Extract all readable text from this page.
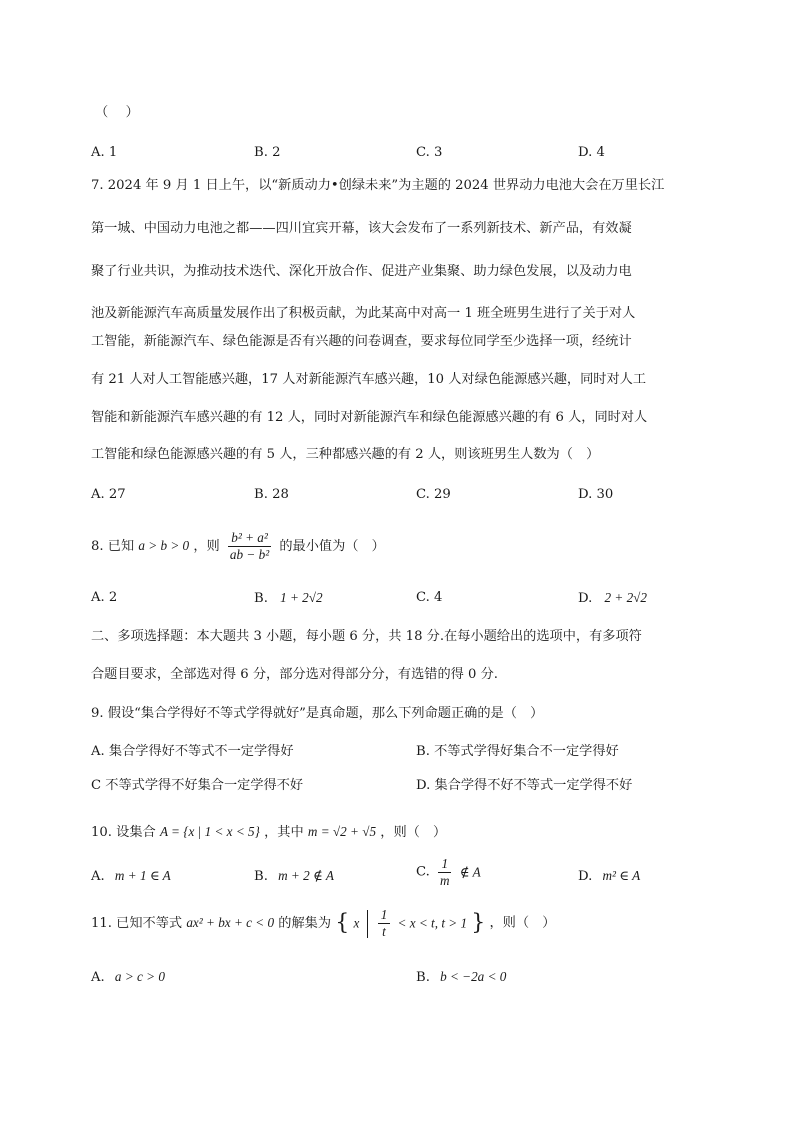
（　 ）
A. 1	B. 2	C. 3	D. 4
7. 2024 年 9 月 1 日上午，以“新质动力•创绿未来”为主题的 2024 世界动力电池大会在万里长江
第一城、中国动力电池之都——四川宜宾开幕，该大会发布了一系列新技术、新产品，有效凝
聚了行业共识，为推动技术迭代、深化开放合作、促进产业集聚、助力绿色发展，以及动力电
池及新能源汽车高质量发展作出了积极贡献，为此某高中对高一 1 班全班男生进行了关于对人
工智能，新能源汽车、绿色能源是否有兴趣的问卷调查，要求每位同学至少选择一项，经统计
有 21 人对人工智能感兴趣，17 人对新能源汽车感兴趣，10 人对绿色能源感兴趣，同时对人工
智能和新能源汽车感兴趣的有 12 人，同时对新能源汽车和绿色能源感兴趣的有 6 人，同时对人
工智能和绿色能源感兴趣的有 5 人，三种都感兴趣的有 2 人，则该班男生人数为（　）
A. 27	B. 28	C. 29	D. 30
8. 已知 a > b > 0 ，则 $\frac{\text{b² + a²}}{\text{ab − b²}}$ 的最小值为（　）
A. 2	B. 1 + 2√2	C. 4	D. 2 + 2√2
二、多项选择题：本大题共 3 小题，每小题 6 分，共 18 分.在每小题给出的选项中，有多项符
合题目要求，全部选对得 6 分，部分选对得部分分，有选错的得 0 分.
9. 假设“集合学得好不等式学得就好”是真命题，那么下列命题正确的是（　）
A. 集合学得好不等式不一定学得好	B. 不等式学得好集合不一定学得好
C 不等式学得不好集合一定学得不好	D. 集合学得不好不等式一定学得不好
10. 设集合 A = {x | 1 < x < 5} ，其中 m = √2 + √5 ，则（　）
A. m + 1 ∈ A	B. m + 2 ∉ A	C. $\frac{1}{m}$ ∉ A	D. m² ∈ A
11. 已知不等式 ax² + bx + c < 0 的解集为 { x $\frac{1}{t} < x < t$, t > 1 } ，则（　）
A. a > c > 0	B. b < −2a < 0
